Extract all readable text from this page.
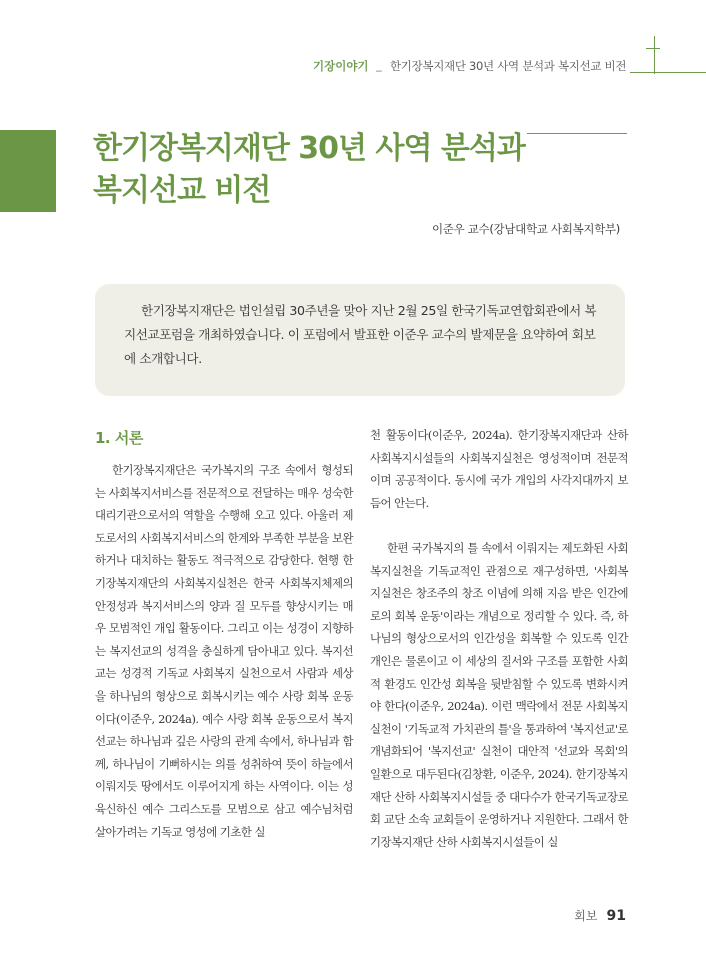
기장이야기 _ 한기장복지재단 30년 사역 분석과 복지선교 비전
한기장복지재단 30년 사역 분석과 복지선교 비전
이준우 교수(강남대학교 사회복지학부)

한기장복지재단은 법인설립 30주년을 맞아 지난 2월 25일 한국기독교연합회관에서 복지선교포럼을 개최하였습니다. 이 포럼에서 발표한 이준우 교수의 발제문을 요약하여 회보에 소개합니다.

1. 서론

한기장복지재단은 국가복지의 구조 속에서 형성되는 사회복지서비스를 전문적으로 전달하는 매우 성숙한 대리기관으로서의 역할을 수행해 오고 있다. 아울러 제도로서의 사회복지서비스의 한계와 부족한 부분을 보완하거나 대치하는 활동도 적극적으로 감당한다. 현행 한기장복지재단의 사회복지실천은 한국 사회복지체제의 안정성과 복지서비스의 양과 질 모두를 향상시키는 매우 모범적인 개입 활동이다. 그리고 이는 성경이 지향하는 복지선교의 성격을 충실하게 담아내고 있다. 복지선교는 성경적 기독교 사회복지 실천으로서 사람과 세상을 하나님의 형상으로 회복시키는 예수 사랑 회복 운동이다(이준우, 2024a). 예수 사랑 회복 운동으로서 복지선교는 하나님과 깊은 사랑의 관계 속에서, 하나님과 함께, 하나님이 기뻐하시는 의를 성취하여 뜻이 하늘에서 이뤄지듯 땅에서도 이루어지게 하는 사역이다. 이는 성육신하신 예수 그리스도를 모범으로 삼고 예수님처럼 살아가려는 기독교 영성에 기초한 실

천 활동이다(이준우, 2024a). 한기장복지재단과 산하 사회복지시설들의 사회복지실천은 영성적이며 전문적이며 공공적이다. 동시에 국가 개입의 사각지대까지 보듬어 안는다.

한편 국가복지의 틀 속에서 이뤄지는 제도화된 사회복지실천을 기독교적인 관점으로 재구성하면, '사회복지실천은 창조주의 창조 이념에 의해 지음 받은 인간에로의 회복 운동'이라는 개념으로 정리할 수 있다. 즉, 하나님의 형상으로서의 인간성을 회복할 수 있도록 인간 개인은 물론이고 이 세상의 질서와 구조를 포함한 사회적 환경도 인간성 회복을 뒷받침할 수 있도록 변화시켜야 한다(이준우, 2024a). 이런 맥락에서 전문 사회복지실천이 '기독교적 가치관의 틀'을 통과하여 '복지선교'로 개념화되어 '복지선교' 실천이 대안적 '선교와 목회'의 일환으로 대두된다(김창환, 이준우, 2024). 한기장복지재단 산하 사회복지시설들 중 대다수가 한국기독교장로회 교단 소속 교회들이 운영하거나 지원한다. 그래서 한기장복지재단 산하 사회복지시설들이 실

회보 91
